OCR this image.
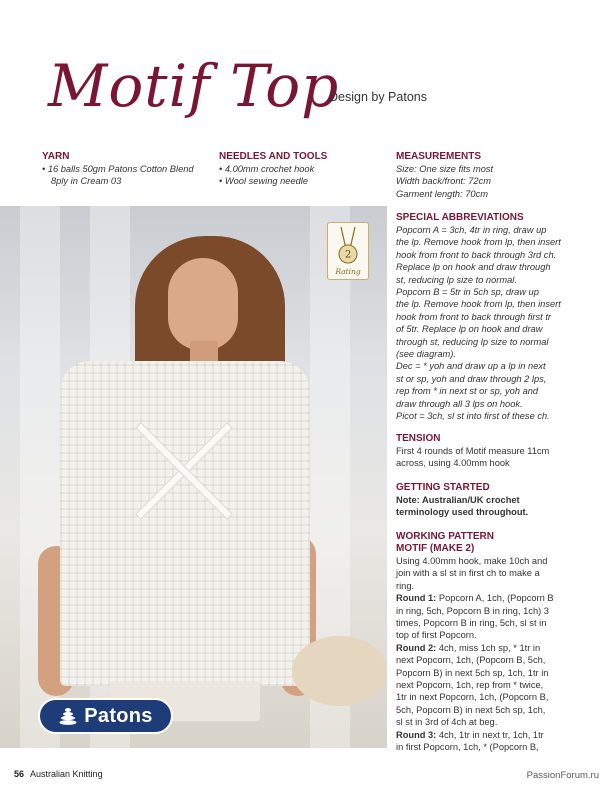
Motif Top
Design by Patons
YARN
• 16 balls 50gm Patons Cotton Blend
8ply in Cream 03
NEEDLES AND TOOLS
• 4.00mm crochet hook
• Wool sewing needle
MEASUREMENTS
Size: One size fits most
Width back/front: 72cm
Garment length: 70cm
SPECIAL ABBREVIATIONS
Popcorn A = 3ch, 4tr in ring, draw up
the lp. Remove hook from lp, then insert
hook from front to back through 3rd ch.
Replace lp on hook and draw through
st, reducing lp size to normal.
Popcorn B = 5tr in 5ch sp, draw up
the lp. Remove hook from lp, then insert
hook from front to back through first tr
of 5tr. Replace lp on hook and draw
through st, reducing lp size to normal
(see diagram).
Dec = * yoh and draw up a lp in next
st or sp, yoh and draw through 2 lps,
rep from * in next st or sp, yoh and
draw through all 3 lps on hook.
Picot = 3ch, sl st into first of these ch.
TENSION
First 4 rounds of Motif measure 11cm
across, using 4.00mm hook
GETTING STARTED
Note: Australian/UK crochet
terminology used throughout.
WORKING PATTERN
MOTIF (MAKE 2)
Using 4.00mm hook, make 10ch and
join with a sl st in first ch to make a
ring.
Round 1: Popcorn A, 1ch, (Popcorn B
in ring, 5ch, Popcorn B in ring, 1ch) 3
times, Popcorn B in ring, 5ch, sl st in
top of first Popcorn.
Round 2: 4ch, miss 1ch sp, * 1tr in
next Popcorn, 1ch, (Popcorn B, 5ch,
Popcorn B) in next 5ch sp, 1ch, 1tr in
next Popcorn, 1ch, rep from * twice,
1tr in next Popcorn, 1ch, (Popcorn B,
5ch, Popcorn B) in next 5ch sp, 1ch,
sl st in 3rd of 4ch at beg.
Round 3: 4ch, 1tr in next tr, 1ch, 1tr
in first Popcorn, 1ch, * (Popcorn B,
2
Rating
Patons
56 Australian Knitting	PassionForum.ru
